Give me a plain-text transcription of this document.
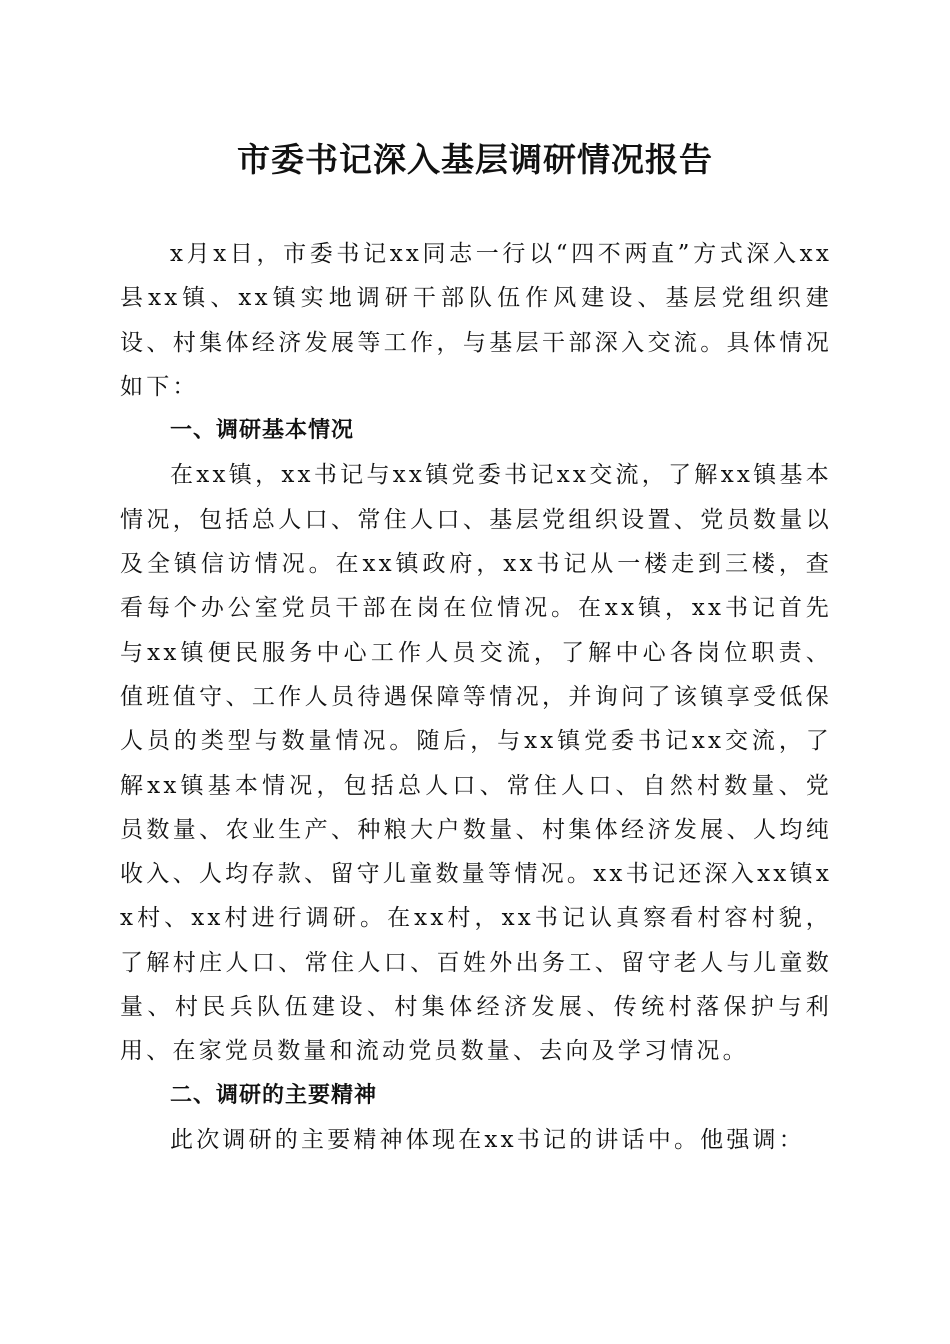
市委书记深入基层调研情况报告

x月x日，市委书记xx同志一行以“四不两直”方式深入xx县xx镇、xx镇实地调研干部队伍作风建设、基层党组织建设、村集体经济发展等工作，与基层干部深入交流。具体情况如下：

一、调研基本情况

在xx镇，xx书记与xx镇党委书记xx交流，了解xx镇基本情况，包括总人口、常住人口、基层党组织设置、党员数量以及全镇信访情况。在xx镇政府，xx书记从一楼走到三楼，查看每个办公室党员干部在岗在位情况。在xx镇，xx书记首先与xx镇便民服务中心工作人员交流，了解中心各岗位职责、值班值守、工作人员待遇保障等情况，并询问了该镇享受低保人员的类型与数量情况。随后，与xx镇党委书记xx交流，了解xx镇基本情况，包括总人口、常住人口、自然村数量、党员数量、农业生产、种粮大户数量、村集体经济发展、人均纯收入、人均存款、留守儿童数量等情况。xx书记还深入xx镇xx村、xx村进行调研。在xx村，xx书记认真察看村容村貌，了解村庄人口、常住人口、百姓外出务工、留守老人与儿童数量、村民兵队伍建设、村集体经济发展、传统村落保护与利用、在家党员数量和流动党员数量、去向及学习情况。

二、调研的主要精神

此次调研的主要精神体现在xx书记的讲话中。他强调：
